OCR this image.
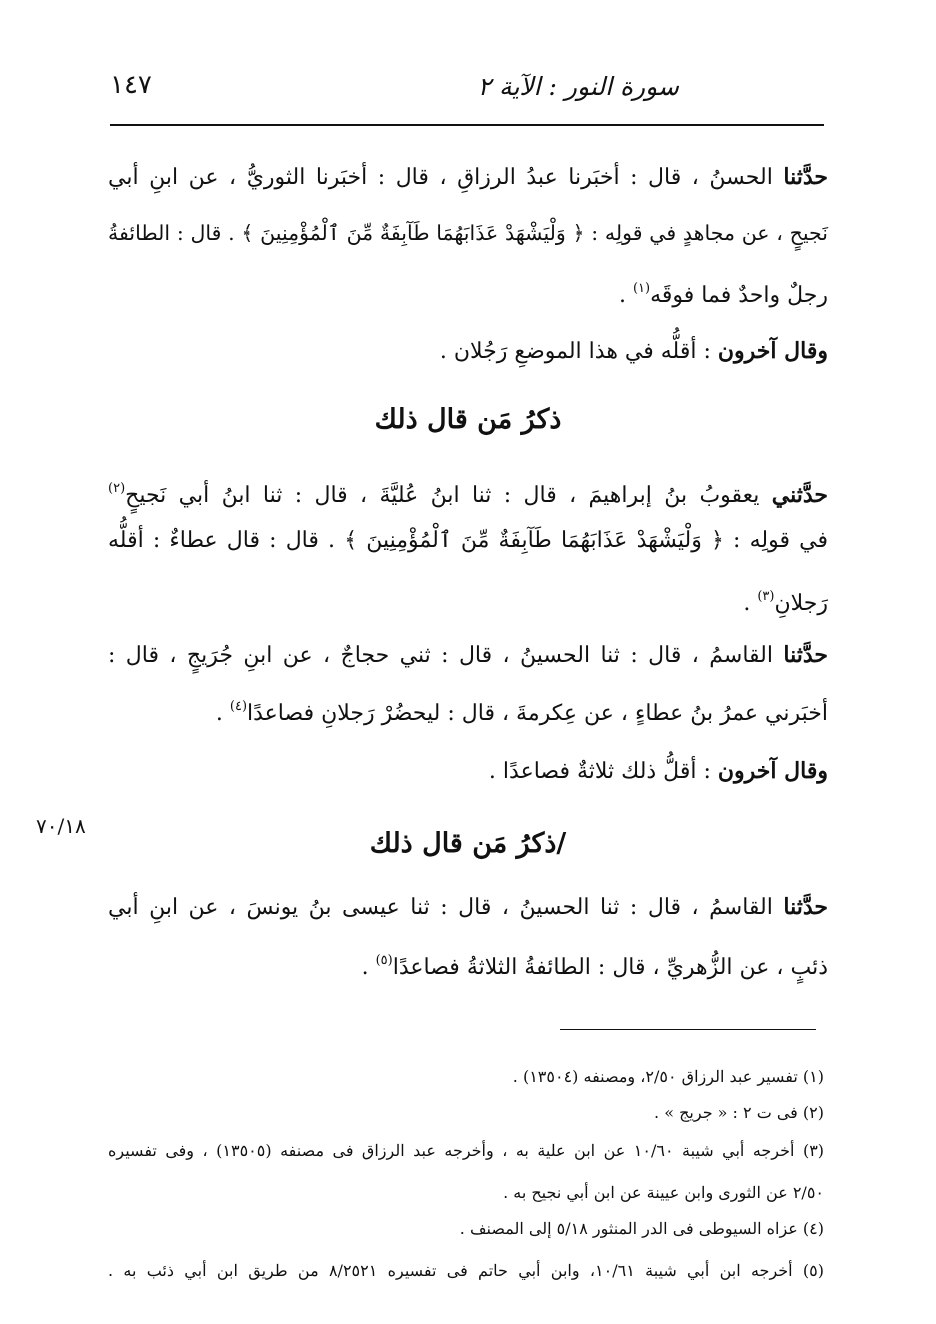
سورة النور : الآية ٢
١٤٧
٧٠/١٨
حدَّثنا الحسنُ ، قال : أخبَرنا عبدُ الرزاقِ ، قال : أخبَرنا الثوريُّ ، عن ابنِ أبي
نَجيحٍ ، عن مجاهدٍ في قولِه : ﴿ وَلْيَشْهَدْ عَذَابَهُمَا طَآبِفَةٌ مِّنَ ٱلْمُؤْمِنِينَ ﴾ . قال : الطائفةُ
رجلٌ واحدٌ فما فوقَه$^{(١)}$ .
وقال آخرون : أقلُّه في هذا الموضعِ رَجُلان .
ذكرُ مَن قال ذلك
حدَّثني يعقوبُ بنُ إبراهيمَ ، قال : ثنا ابنُ عُليَّةَ ، قال : ثنا ابنُ أبي نَجيحٍ$^{(٢)}$
في قولِه : ﴿ وَلْيَشْهَدْ عَذَابَهُمَا طَآبِفَةٌ مِّنَ ٱلْمُؤْمِنِينَ ﴾ . قال : قال عطاءٌ : أقلُّه
رَجلانِ$^{(٣)}$ .
حدَّثنا القاسمُ ، قال : ثنا الحسينُ ، قال : ثني حجاجٌ ، عن ابنِ جُرَيجٍ ، قال :
أخبَرني عمرُ بنُ عطاءٍ ، عن عِكرمةَ ، قال : ليحضُرْ رَجلانِ فصاعدًا$^{(٤)}$ .
وقال آخرون : أقلُّ ذلك ثلاثةٌ فصاعدًا .
/ذكرُ مَن قال ذلك
حدَّثنا القاسمُ ، قال : ثنا الحسينُ ، قال : ثنا عيسى بنُ يونسَ ، عن ابنِ أبي
ذئبٍ ، عن الزُّهريِّ ، قال : الطائفةُ الثلاثةُ فصاعدًا$^{(٥)}$ .
(١) تفسير عبد الرزاق ٢/٥٠، ومصنفه (١٣٥٠٤) .
(٢) فى ت ٢ : « جريج » .
(٣) أخرجه أبي شيبة ١٠/٦٠ عن ابن علية به ، وأخرجه عبد الرزاق فى مصنفه (١٣٥٠٥) ، وفى تفسيره
٢/٥٠ عن الثورى وابن عيينة عن ابن أبي نجيح به .
(٤) عزاه السيوطى فى الدر المنثور ٥/١٨ إلى المصنف .
(٥) أخرجه ابن أبي شيبة ١٠/٦١، وابن أبي حاتم فى تفسيره ٨/٢٥٢١ من طريق ابن أبي ذئب به .
